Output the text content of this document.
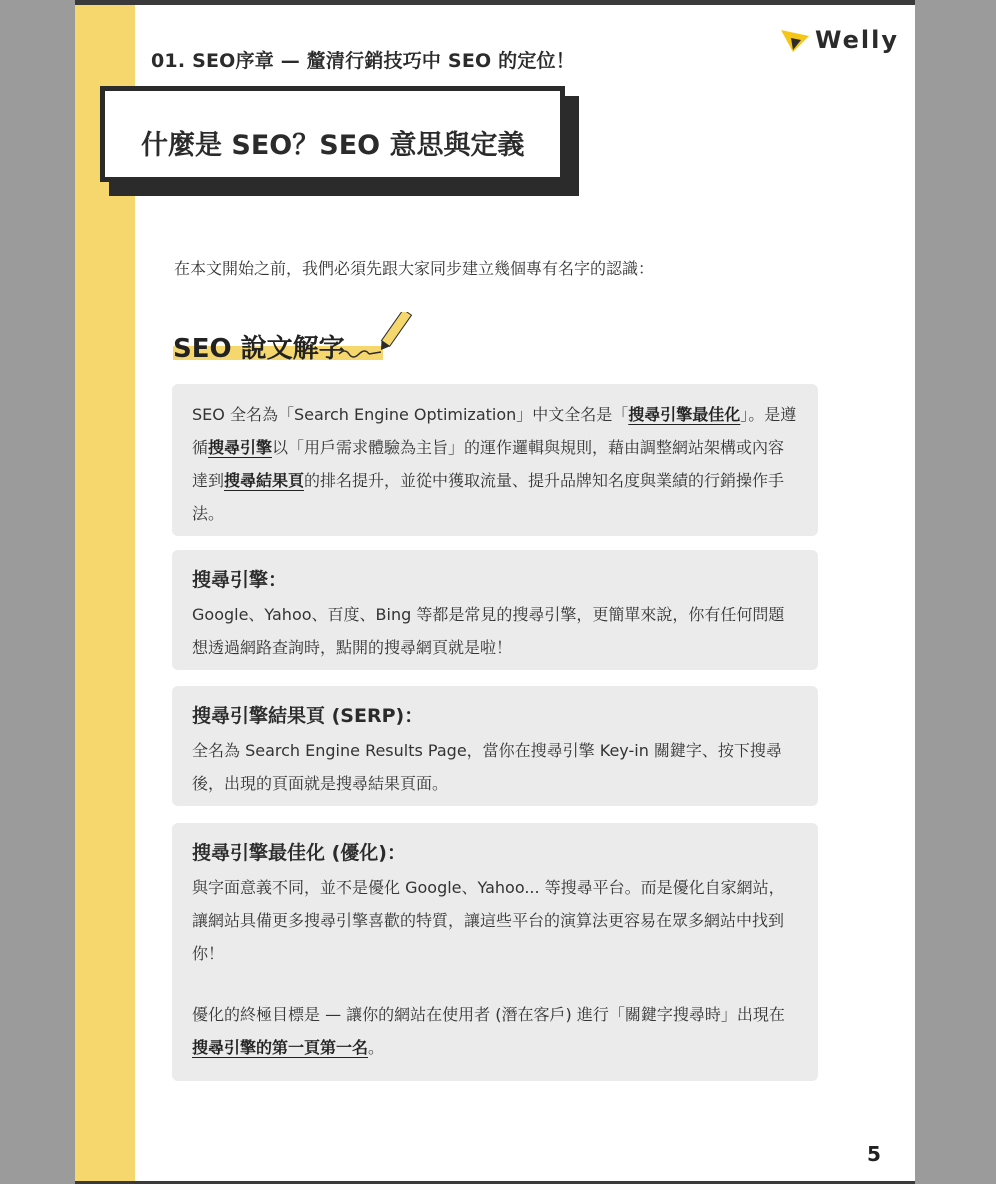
01. SEO序章 — 釐清行銷技巧中 SEO 的定位！
Welly
什麼是 SEO？SEO 意思與定義
在本文開始之前，我們必須先跟大家同步建立幾個專有名字的認識：
SEO 說文解字

SEO 全名為「Search Engine Optimization」中文全名是「搜尋引擎最佳化」。是遵循搜尋引擎以「用戶需求體驗為主旨」的運作邏輯與規則，藉由調整網站架構或內容達到搜尋結果頁的排名提升，並從中獲取流量、提升品牌知名度與業績的行銷操作手法。

搜尋引擎：

Google、Yahoo、百度、Bing 等都是常見的搜尋引擎，更簡單來說，你有任何問題想透過網路查詢時，點開的搜尋網頁就是啦！

搜尋引擎結果頁 (SERP)：

全名為 Search Engine Results Page，當你在搜尋引擎 Key-in 關鍵字、按下搜尋後，出現的頁面就是搜尋結果頁面。

搜尋引擎最佳化 (優化)：

與字面意義不同，並不是優化 Google、Yahoo... 等搜尋平台。而是優化自家網站，讓網站具備更多搜尋引擎喜歡的特質，讓這些平台的演算法更容易在眾多網站中找到你！

優化的終極目標是 — 讓你的網站在使用者 (潛在客戶) 進行「關鍵字搜尋時」出現在搜尋引擎的第一頁第一名。

5
